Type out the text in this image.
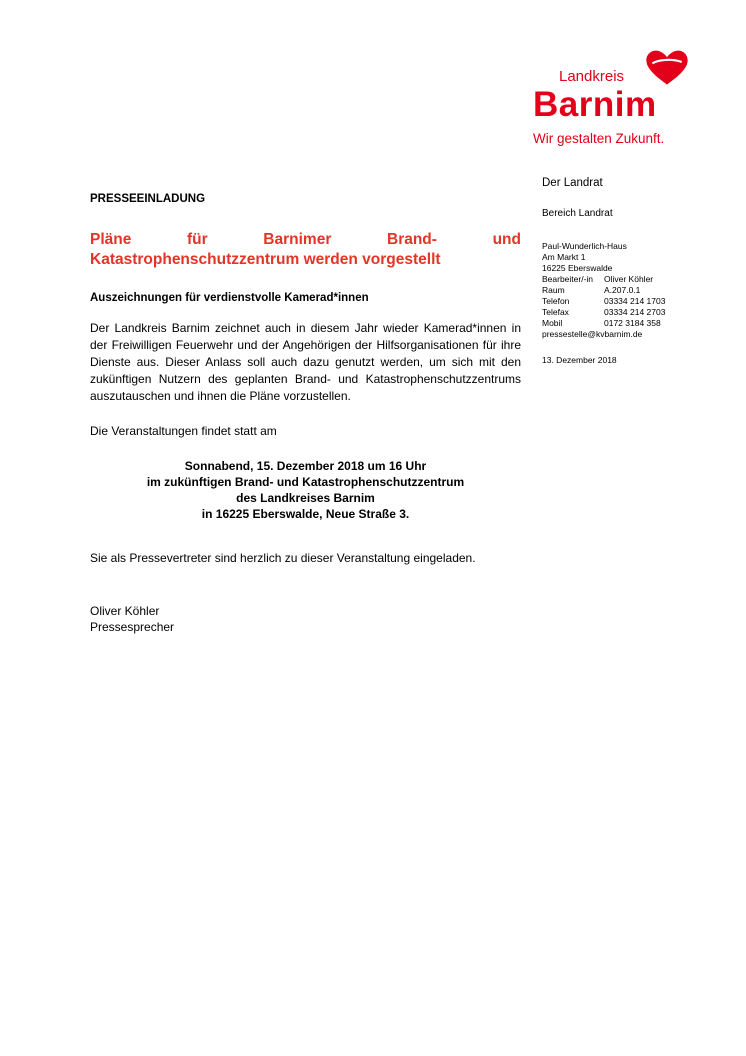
Landkreis
Barnim
Wir gestalten Zukunft.
Der Landrat
Bereich Landrat
Paul-Wunderlich-Haus
Am Markt 1
16225 Eberswalde
Bearbeiter/-in	Oliver Köhler
Raum	A.207.0.1
Telefon	03334 214 1703
Telefax	03334 214 2703
Mobil	0172 3184 358
pressestelle@kvbarnim.de
13. Dezember 2018
PRESSEEINLADUNG
Pläne für Barnimer Brand- und Katastrophenschutzzentrum werden vorgestellt
Auszeichnungen für verdienstvolle Kamerad*innen

Der Landkreis Barnim zeichnet auch in diesem Jahr wieder Kamerad*innen in der Freiwilligen Feuerwehr und der Angehörigen der Hilfsorganisationen für ihre Dienste aus. Dieser Anlass soll auch dazu genutzt werden, um sich mit den zukünftigen Nutzern des geplanten Brand- und Katastrophenschutzzentrums auszutauschen und ihnen die Pläne vorzustellen.

Die Veranstaltungen findet statt am

Sonnabend, 15. Dezember 2018 um 16 Uhr
im zukünftigen Brand- und Katastrophenschutzzentrum
des Landkreises Barnim
in 16225 Eberswalde, Neue Straße 3.

Sie als Pressevertreter sind herzlich zu dieser Veranstaltung eingeladen.

Oliver Köhler
Pressesprecher
